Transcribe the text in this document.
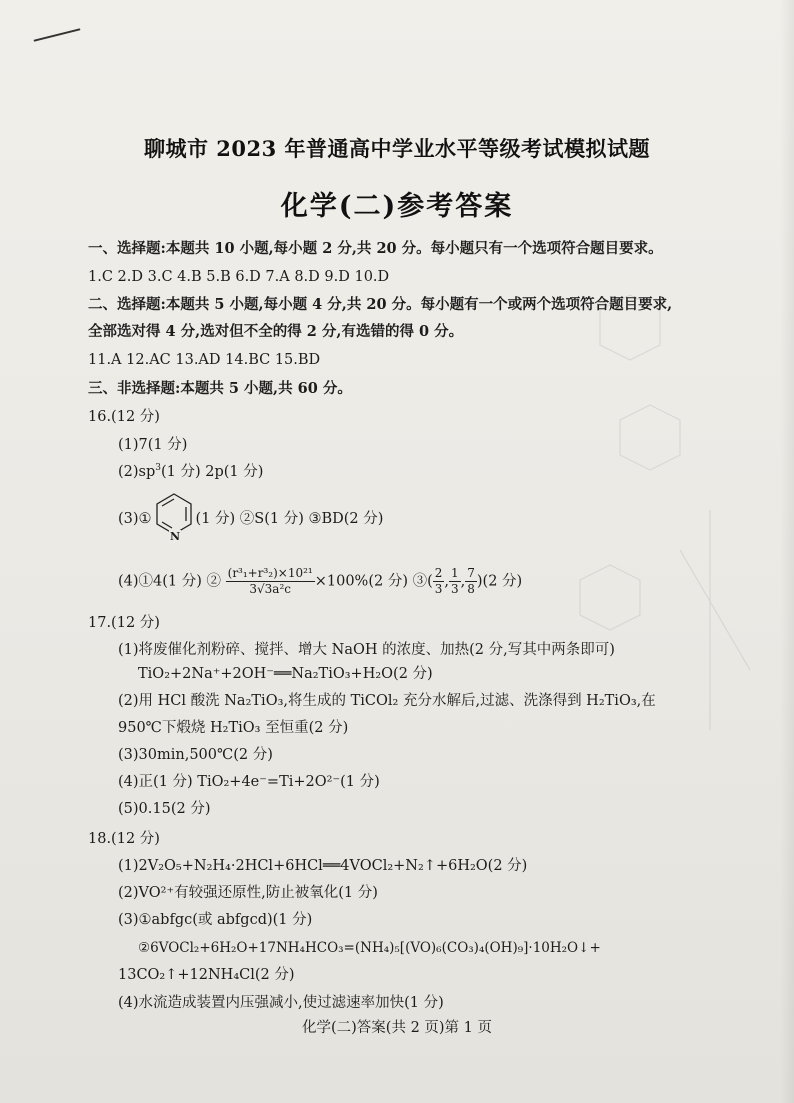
聊城市 2023 年普通高中学业水平等级考试模拟试题
化学(二)参考答案
一、选择题:本题共 10 小题,每小题 2 分,共 20 分。每小题只有一个选项符合题目要求。
1.C 2.D 3.C 4.B 5.B 6.D 7.A 8.D 9.D 10.D
二、选择题:本题共 5 小题,每小题 4 分,共 20 分。每小题有一个或两个选项符合题目要求,
全部选对得 4 分,选对但不全的得 2 分,有选错的得 0 分。
11.A 12.AC 13.AD 14.BC 15.BD
三、非选择题:本题共 5 小题,共 60 分。
16.(12 分)
(1)7(1 分)
$(2)sp^3(1$ 分) 2p(1 分)
(3)①	(1 分) ②S(1 分) ③BD(2 分)
N
(4)①4(1 分) ② $\frac{\text{(r³₁+r³₂)×10²¹}}{\text{3√3a²c}} \times 100\%(2$ 分) ③( $\frac{2}{3}$ , $\frac{1}{3}$ , $\frac{7}{8} )(2$ 分)
17.(12 分)
(1)将废催化剂粉碎、搅拌、增大 NaOH 的浓度、加热(2 分,写其中两条即可)
TiO₂+2Na⁺+2OH⁻══Na₂TiO₃+H₂O(2 分)
(2)用 HCl 酸洗 Na₂TiO₃,将生成的 TiCOl₂ 充分水解后,过滤、洗涤得到 H₂TiO₃,在
950℃下煅烧 H₂TiO₃ 至恒重(2 分)
(3)30min,500℃(2 分)
(4)正(1 分) TiO₂+4e⁻=Ti+2O²⁻(1 分)
(5)0.15(2 分)
18.(12 分)
(1)2V₂O₅+N₂H₄·2HCl+6HCl══4VOCl₂+N₂↑+6H₂O(2 分)
(2)VO²⁺有较强还原性,防止被氧化(1 分)
(3)①abfgc(或 abfgcd)(1 分)
②6VOCl₂+6H₂O+17NH₄HCO₃=(NH₄)₅[(VO)₆(CO₃)₄(OH)₉]·10H₂O↓+
13CO₂↑+12NH₄Cl(2 分)
(4)水流造成装置内压强减小,使过滤速率加快(1 分)
化学(二)答案(共 2 页)第 1 页
